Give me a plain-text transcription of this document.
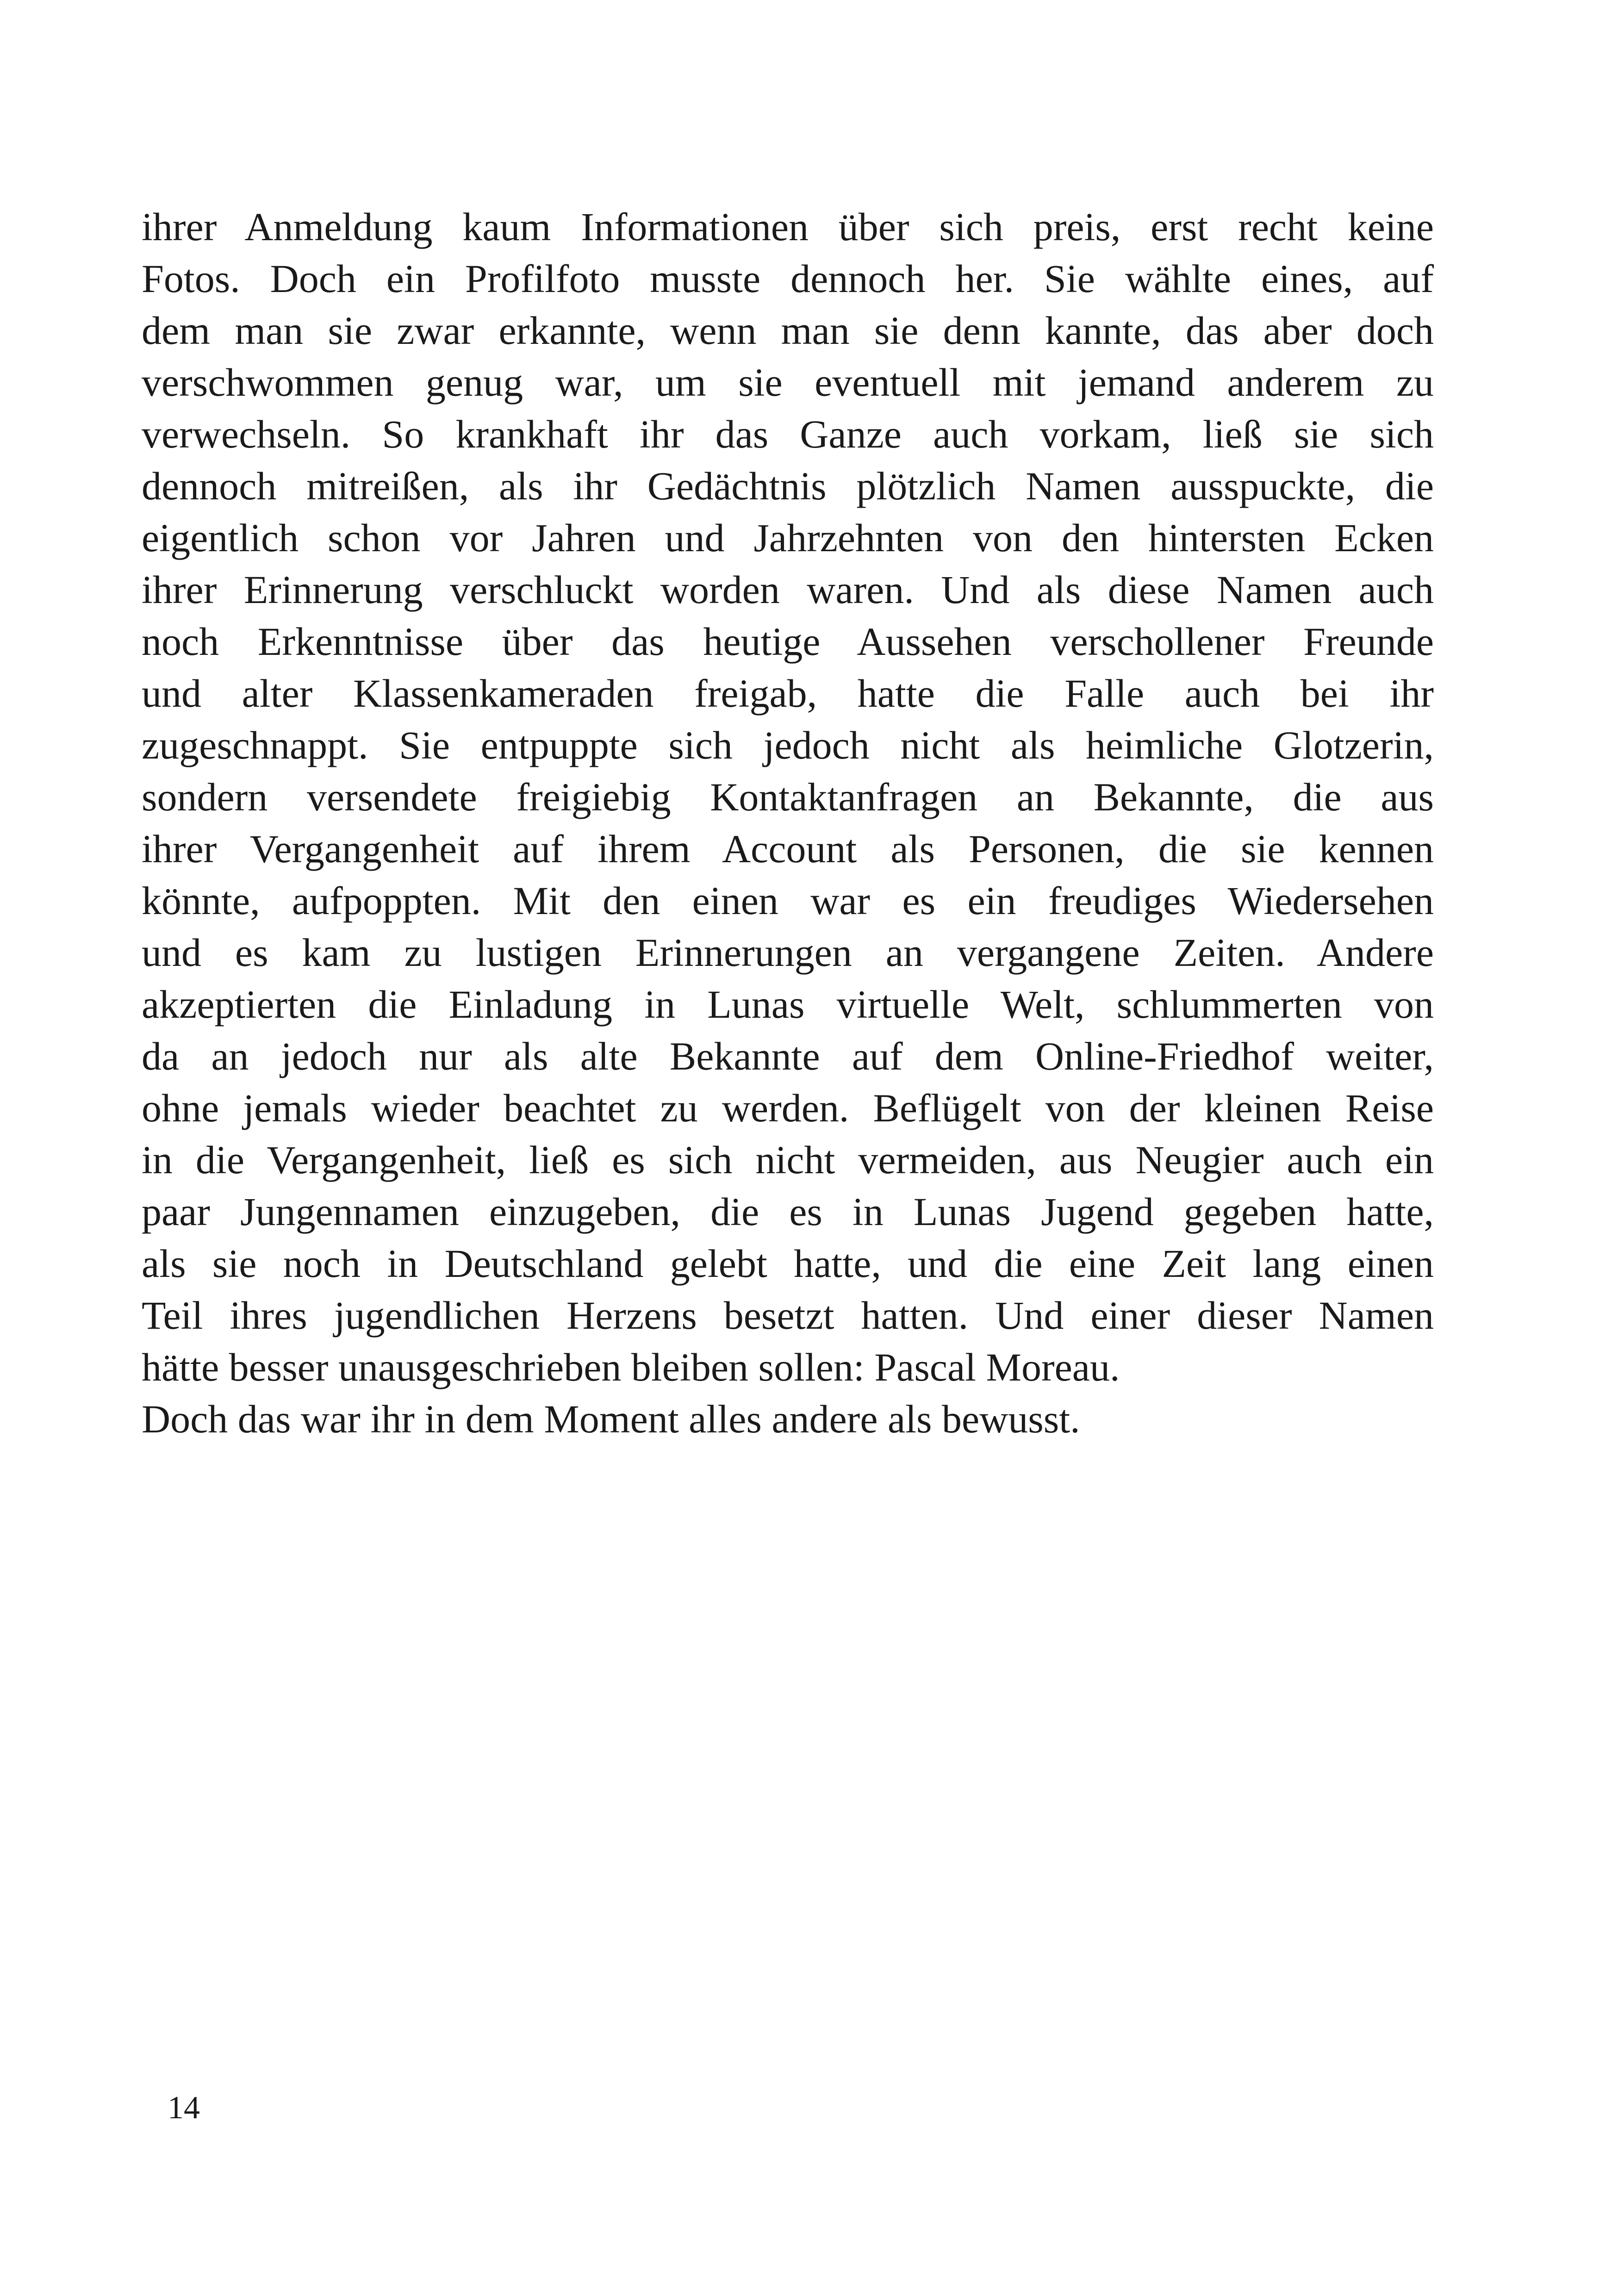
ihrer Anmeldung kaum Informationen über sich preis, erst recht keine
Fotos. Doch ein Profilfoto musste dennoch her. Sie wählte eines, auf
dem man sie zwar erkannte, wenn man sie denn kannte, das aber doch
verschwommen genug war, um sie eventuell mit jemand anderem zu
verwechseln. So krankhaft ihr das Ganze auch vorkam, ließ sie sich
dennoch mitreißen, als ihr Gedächtnis plötzlich Namen ausspuckte, die
eigentlich schon vor Jahren und Jahrzehnten von den hintersten Ecken
ihrer Erinnerung verschluckt worden waren. Und als diese Namen auch
noch Erkenntnisse über das heutige Aussehen verschollener Freunde
und alter Klassenkameraden freigab, hatte die Falle auch bei ihr
zugeschnappt. Sie entpuppte sich jedoch nicht als heimliche Glotzerin,
sondern versendete freigiebig Kontaktanfragen an Bekannte, die aus
ihrer Vergangenheit auf ihrem Account als Personen, die sie kennen
könnte, aufpoppten. Mit den einen war es ein freudiges Wiedersehen
und es kam zu lustigen Erinnerungen an vergangene Zeiten. Andere
akzeptierten die Einladung in Lunas virtuelle Welt, schlummerten von
da an jedoch nur als alte Bekannte auf dem Online-Friedhof weiter,
ohne jemals wieder beachtet zu werden. Beflügelt von der kleinen Reise
in die Vergangenheit, ließ es sich nicht vermeiden, aus Neugier auch ein
paar Jungennamen einzugeben, die es in Lunas Jugend gegeben hatte,
als sie noch in Deutschland gelebt hatte, und die eine Zeit lang einen
Teil ihres jugendlichen Herzens besetzt hatten. Und einer dieser Namen
hätte besser unausgeschrieben bleiben sollen: Pascal Moreau.
Doch das war ihr in dem Moment alles andere als bewusst.
14
